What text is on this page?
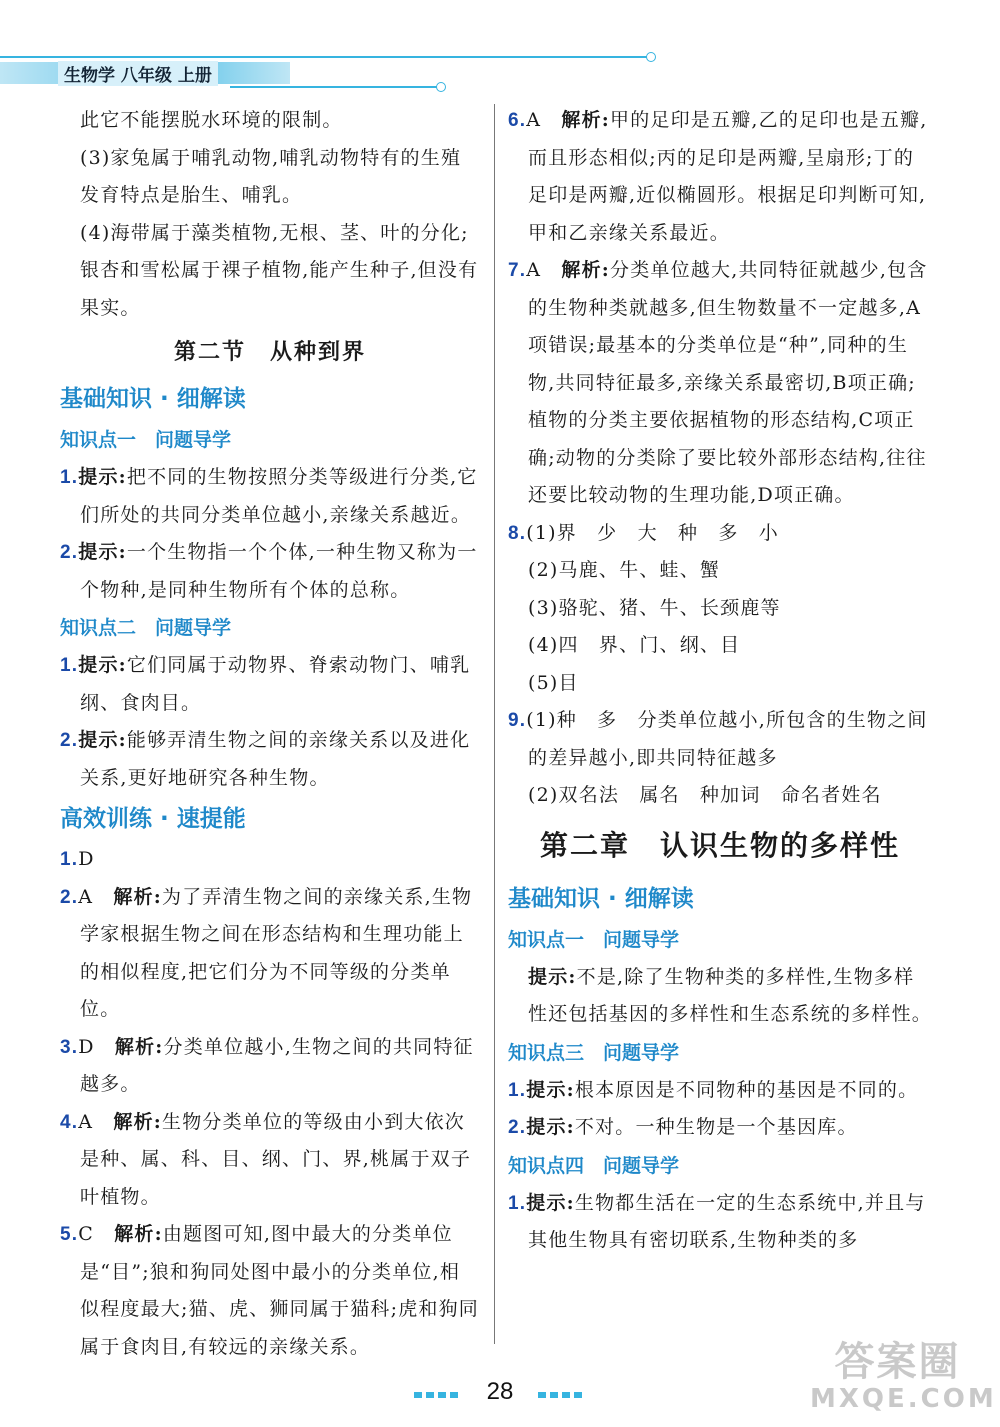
生物学 八年级 上册

此它不能摆脱水环境的限制。

(3)家兔属于哺乳动物,哺乳动物特有的生殖发育特点是胎生、哺乳。

(4)海带属于藻类植物,无根、茎、叶的分化;银杏和雪松属于裸子植物,能产生种子,但没有果实。

第二节　从种到界
基础知识 · 细解读
知识点一　问题导学

1.提示:把不同的生物按照分类等级进行分类,它们所处的共同分类单位越小,亲缘关系越近。

2.提示:一个生物指一个个体,一种生物又称为一个物种,是同种生物所有个体的总称。

知识点二　问题导学

1.提示:它们同属于动物界、脊索动物门、哺乳纲、食肉目。

2.提示:能够弄清生物之间的亲缘关系以及进化关系,更好地研究各种生物。

高效训练 · 速提能

1.D

2.A　 解析:为了弄清生物之间的亲缘关系,生物学家根据生物之间在形态结构和生理功能上的相似程度,把它们分为不同等级的分类单位。

3.D　 解析:分类单位越小,生物之间的共同特征越多。

4.A　 解析:生物分类单位的等级由小到大依次是种、属、科、目、纲、门、界,桃属于双子叶植物。

5.C　 解析:由题图可知,图中最大的分类单位是“目”;狼和狗同处图中最小的分类单位,相似程度最大;猫、虎、狮同属于猫科;虎和狗同属于食肉目,有较远的亲缘关系。

6.A　 解析:甲的足印是五瓣,乙的足印也是五瓣,而且形态相似;丙的足印是两瓣,呈扇形;丁的足印是两瓣,近似椭圆形。根据足印判断可知,甲和乙亲缘关系最近。

7.A　 解析:分类单位越大,共同特征就越少,包含的生物种类就越多,但生物数量不一定越多,A项错误;最基本的分类单位是“种”,同种的生物,共同特征最多,亲缘关系最密切,B项正确;植物的分类主要依据植物的形态结构,C项正确;动物的分类除了要比较外部形态结构,往往还要比较动物的生理功能,D项正确。

8.(1)界　少　大　种　多　小

(2)马鹿、牛、蛙、蟹

(3)骆驼、猪、牛、长颈鹿等

(4)四　界、门、纲、目

(5)目

9.(1)种　多　分类单位越小,所包含的生物之间的差异越小,即共同特征越多

(2)双名法　属名　种加词　命名者姓名

第二章　认识生物的多样性
基础知识 · 细解读
知识点一　问题导学

提示:不是,除了生物种类的多样性,生物多样性还包括基因的多样性和生态系统的多样性。

知识点三　问题导学

1.提示:根本原因是不同物种的基因是不同的。

2.提示:不对。一种生物是一个基因库。

知识点四　问题导学

1.提示:生物都生活在一定的生态系统中,并且与其他生物具有密切联系,生物种类的多

28
答案圈
MXQE.COM
